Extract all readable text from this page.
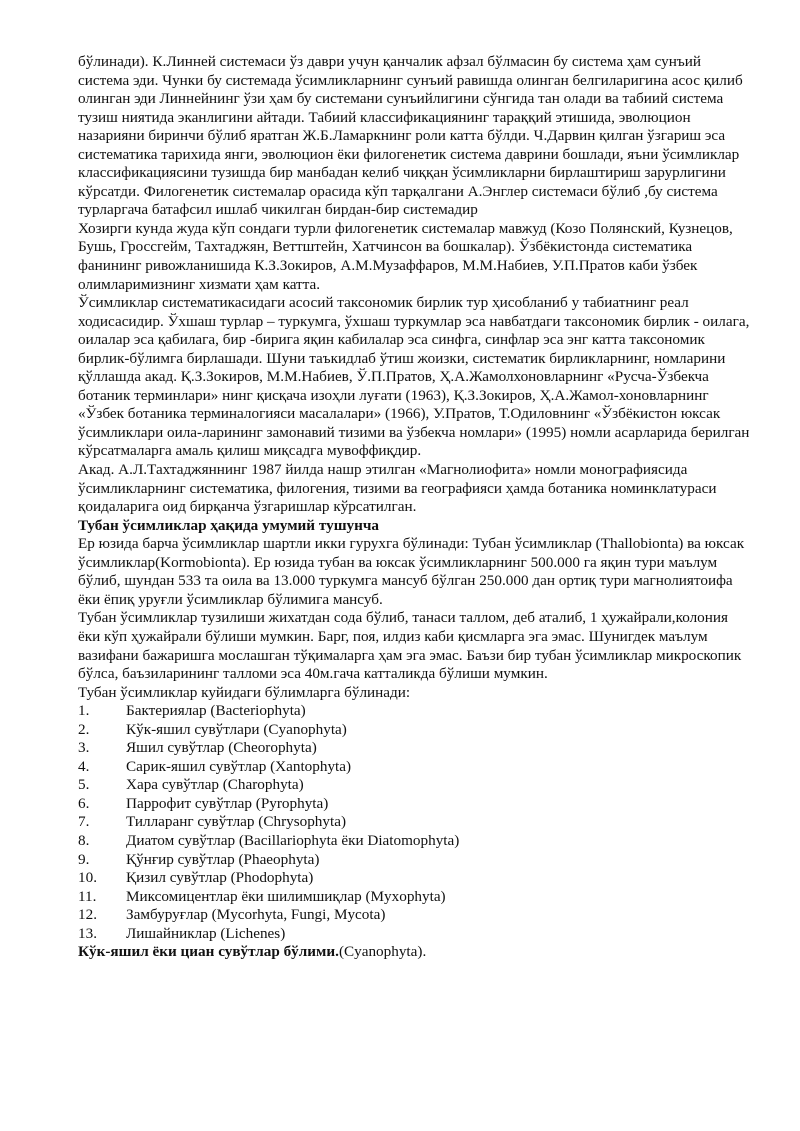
бўлинади). К.Линней системаси ўз даври учун қанчалик афзал бўлмасин бу система ҳам сунъий система эди. Чунки бу системада ўсимликларнинг сунъий равишда олинган белгиларигина асос қилиб олинган эди Линнейнинг ўзи ҳам бу системани сунъийлигини сўнгида тан олади ва табиий система тузиш ниятида эканлигини айтади. Табиий классификациянинг тараққий этишида, эволюцион назарияни биринчи бўлиб яратган Ж.Б.Ламаркнинг роли катта бўлди. Ч.Дарвин қилган ўзгариш эса систематика тарихида янги, эволюцион ёки филогенетик система даврини бошлади, яъни ўсимликлар классификациясини тузишда бир манбадан келиб чиққан ўсимликларни бирлаштириш зарурлигини кўрсатди. Филогенетик системалар орасида кўп тарқалгани А.Энглер системаси бўлиб ,бу система турларгача батафсил ишлаб чикилган бирдан-бир системадир

Хозирги кунда жуда кўп сондаги турли филогенетик системалар мавжуд (Козо Полянский, Кузнецов, Бушь, Гроссгейм, Тахтаджян, Веттштейн, Хатчинсон ва бошкалар). Ўзбёкистонда систематика фанининг ривожланишида К.З.Зокиров, А.М.Музаффаров, М.М.Набиев, У.П.Пратов каби ўзбек олимларимизнинг хизмати ҳам катта.

Ўсимликлар систематикасидаги асосий таксономик бирлик тур ҳисобланиб у табиатнинг реал ходисасидир. Ўхшаш турлар – туркумга, ўхшаш туркумлар эса навбатдаги таксономик бирлик - оилага, оилалар эса қабилага, бир -бирига яқин кабилалар эса синфга, синфлар эса энг катта таксономик бирлик-бўлимга бирлашади. Шуни таъкидлаб ўтиш жоизки, систематик бирликларнинг, номларини қўллашда акад. Қ.З.Зокиров, М.М.Набиев, Ў.П.Пратов, Ҳ.А.Жамолхоновларнинг «Русча-Ўзбекча ботаник терминлари» нинг қисқача изоҳли луғати (1963), Қ.З.Зокиров, Ҳ.А.Жамол-хоновларнинг «Ўзбек ботаника терминалогияси масалалари» (1966), У.Пратов, Т.Одиловнинг «Ўзбёкистон юксак ўсимликлари оила-ларининг замонавий тизими ва ўзбекча номлари» (1995) номли асарларида берилган кўрсатмаларга амаль қилиш миқсадга мувоффиқдир.

Акад. А.Л.Тахтаджяннинг 1987 йилда нашр этилган «Магнолиофита» номли монографиясида ўсимликларнинг систематика, филогения, тизими ва географияси ҳамда ботаника номинклатураси қоидаларига оид бирқанча ўзгаришлар кўрсатилган.

Тубан ўсимликлар ҳақида умумий тушунча

Ер юзида барча ўсимликлар шартли икки гурухга бўлинади: Тубан ўсимликлар (Thallobionta) ва юксак ўсимликлар(Kormobionta). Ер юзида тубан ва юксак ўсимликларнинг 500.000 га яқин тури маълум бўлиб, шундан 533 та оила ва 13.000 туркумга мансуб бўлган 250.000 дан ортиқ тури магнолиятоифа ёки ёпиқ уруғли ўсимликлар бўлимига мансуб.

Тубан ўсимликлар тузилиши жихатдан сода бўлиб, танаси таллом, деб аталиб, 1 ҳужайрали,колония ёки кўп ҳужайрали бўлиши мумкин. Барг, поя, илдиз каби қисмларга эга эмас. Шунигдек маълум вазифани бажаришга мослашган тўқималарга ҳам эга эмас. Баъзи бир тубан ўсимликлар микроскопик бўлса, баъзиларининг талломи эса 40м.гача катталикда бўлиши мумкин.

Тубан ўсимликлар куйидаги бўлимларга бўлинади:

1.	Бактериялар (Bacteriophyta)
2.	Кўк-яшил сувўтлари (Cyanophyta)
3.	Яшил сувўтлар (Cheorophyta)
4.	Сарик-яшил сувўтлар (Xantophyta)
5.	Хара сувўтлар (Charophyta)
6.	Паррофит сувўтлар (Pyrophyta)
7.	Тилларанг сувўтлар (Chrysophyta)
8.	Диатом сувўтлар (Bacillariophyta ёки Diatomophyta)
9.	Қўнғир сувўтлар (Phaeophyta)
10.	Қизил сувўтлар (Phodophyta)
11.	Миксомицентлар ёки шилимшиқлар (Myxophyta)
12.	Замбуруғлар (Mycorhyta, Fungi, Mycota)
13.	Лишайниклар (Lichenes)

Кўк-яшил ёки циан сувўтлар бўлими.(Cyanophyta).
